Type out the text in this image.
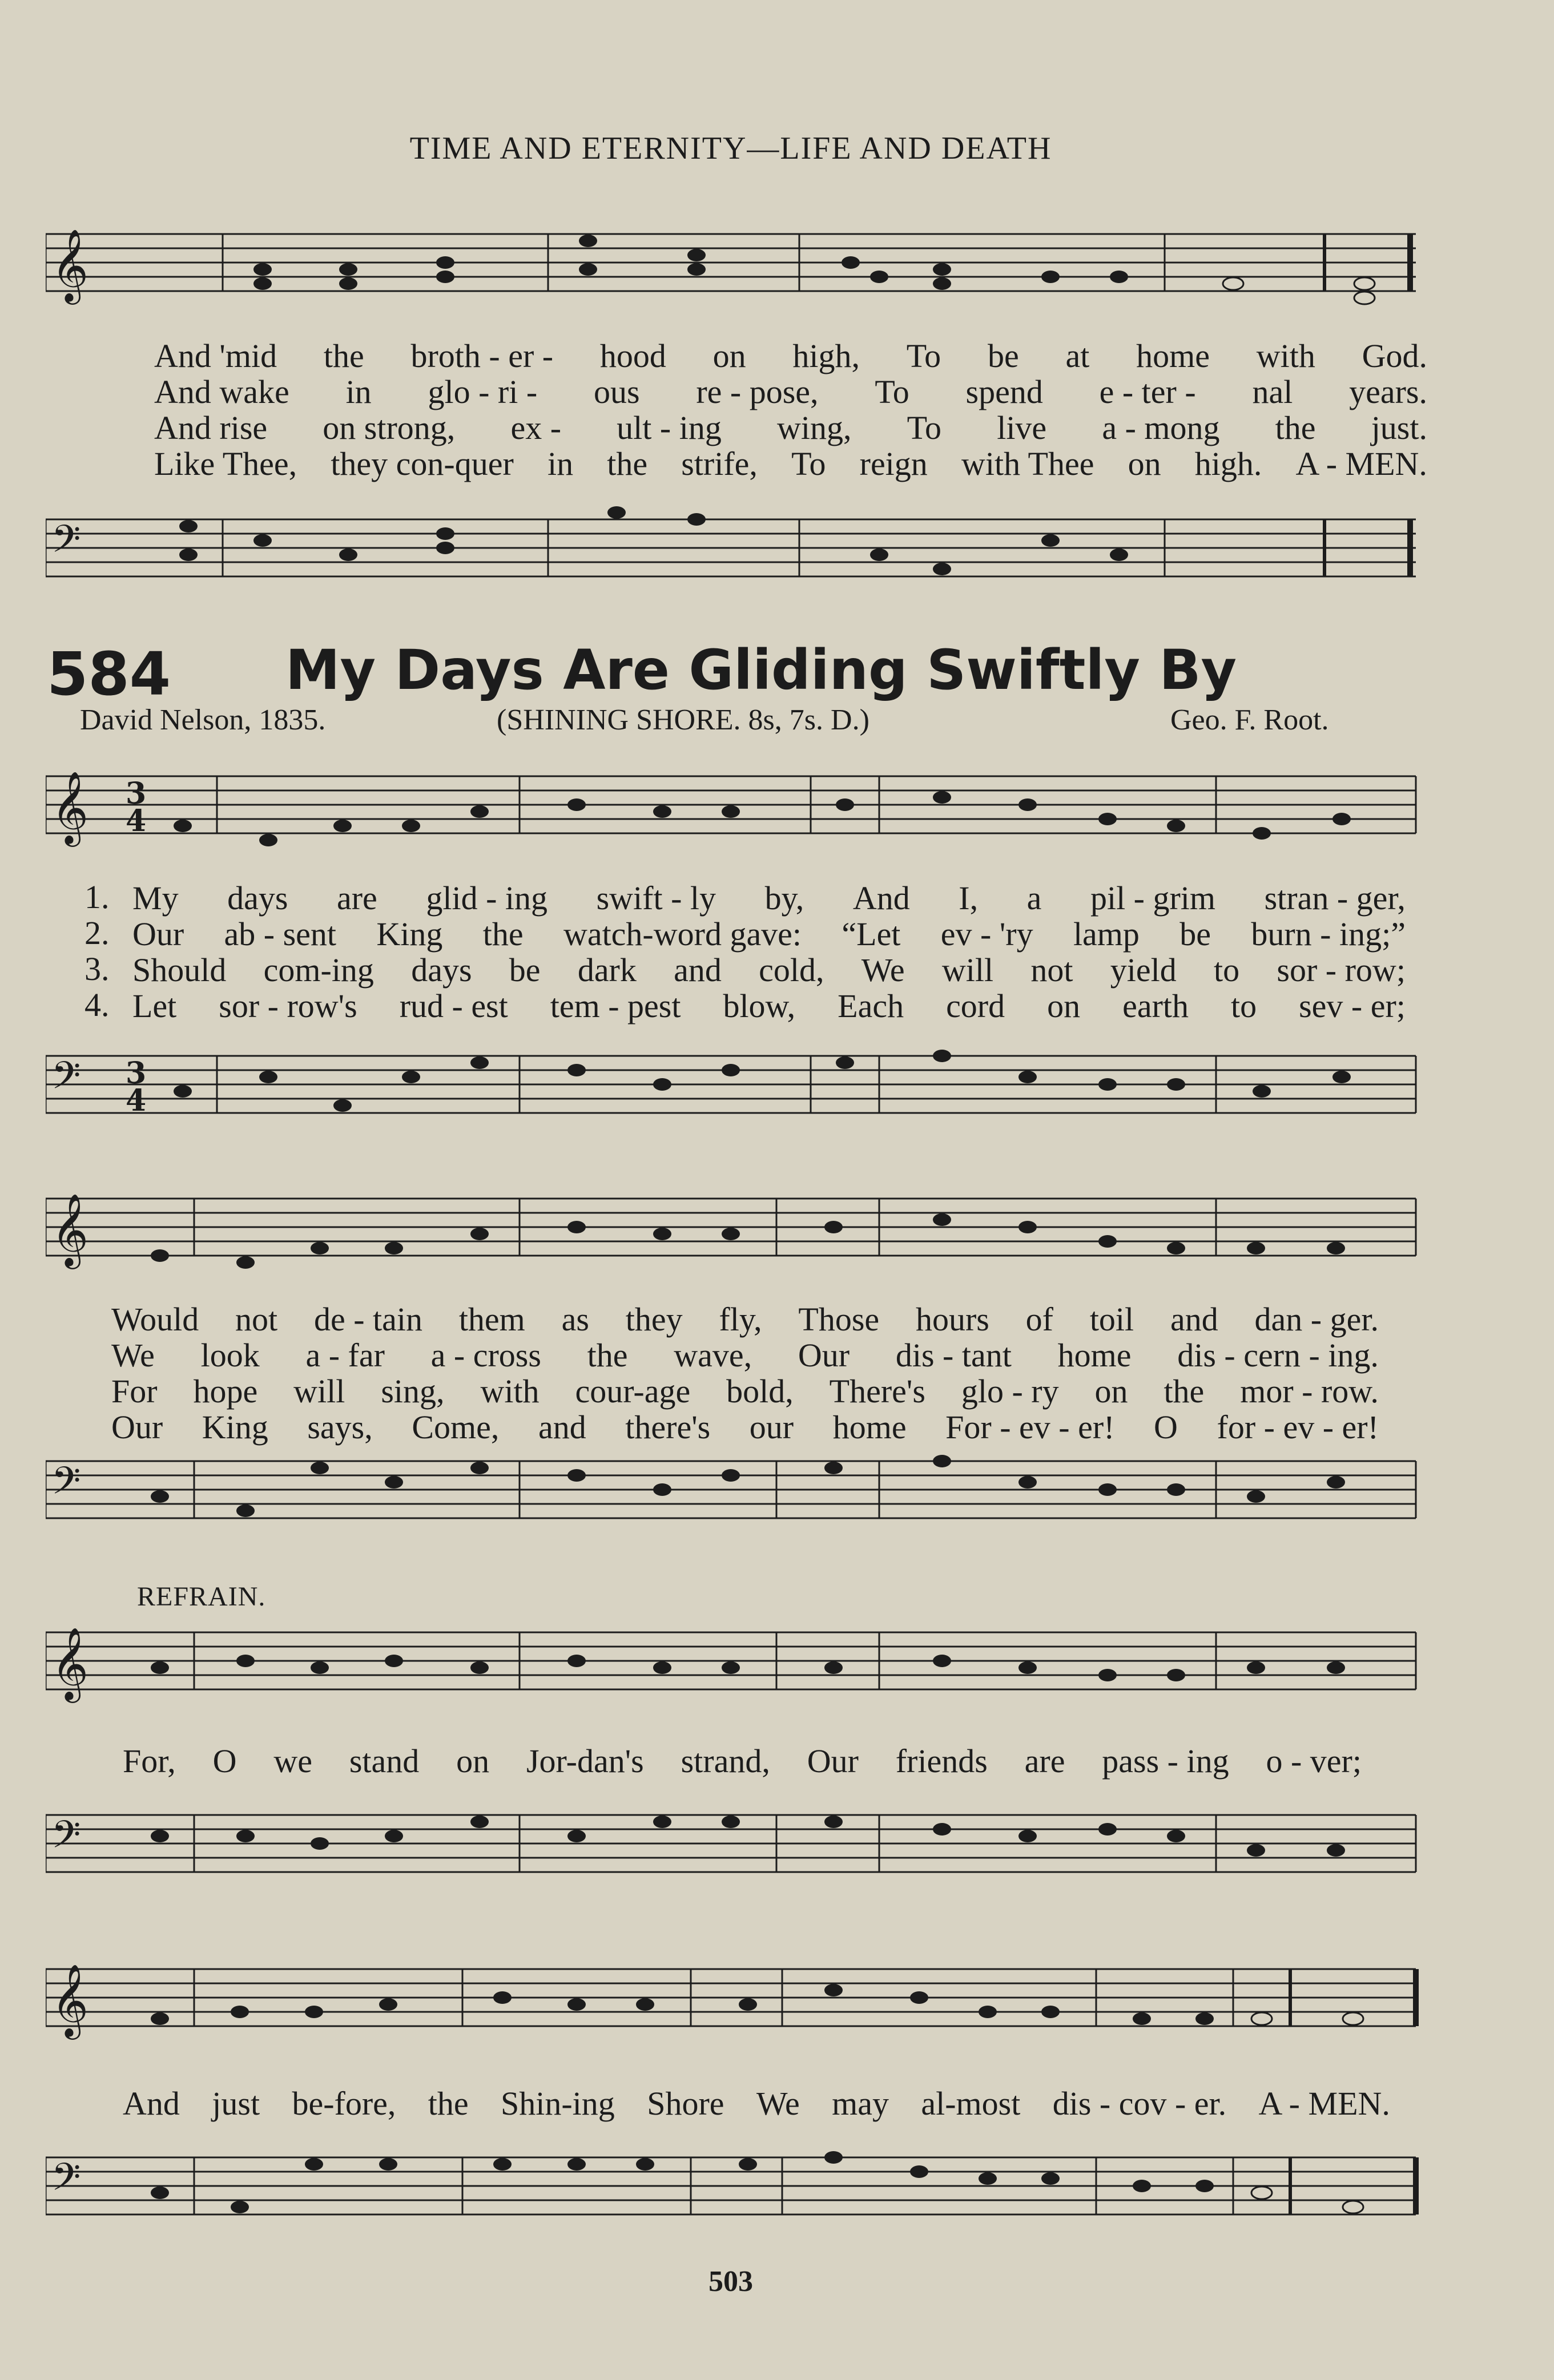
TIME AND ETERNITY—LIFE AND DEATH
𝄞
And 'mid the broth - er - hood on high, To be at home with God.
And wake in glo - ri - ous re - pose, To spend e - ter - nal years.
And rise on strong, ex - ult - ing wing, To live a - mong the just.
Like Thee, they con-quer in the strife, To reign with Thee on high. A - MEN.
𝄢
584 My Days Are Gliding Swiftly By
David Nelson, 1835.	(SHINING SHORE. 8s, 7s. D.)	Geo. F. Root.
𝄞 3
4
1.
2.
3.
4.
My days are glid - ing swift - ly by, And I, a pil - grim stran - ger,
Our ab - sent King the watch-word gave: “Let ev - 'ry lamp be burn - ing;”
Should com-ing days be dark and cold, We will not yield to sor - row;
Let sor - row's rud - est tem - pest blow, Each cord on earth to sev - er;
𝄢 3
4
𝄞
Would not de - tain them as they fly, Those hours of toil and dan - ger.
We look a - far a - cross the wave, Our dis - tant home dis - cern - ing.
For hope will sing, with cour-age bold, There's glo - ry on the mor - row.
Our King says, Come, and there's our home For - ev - er! O for - ev - er!
𝄢
REFRAIN.
𝄞
For, O we stand on Jor-dan's strand, Our friends are pass - ing o - ver;
𝄢
𝄞
And just be-fore, the Shin-ing Shore We may al-most dis - cov - er. A - MEN.
𝄢
503
